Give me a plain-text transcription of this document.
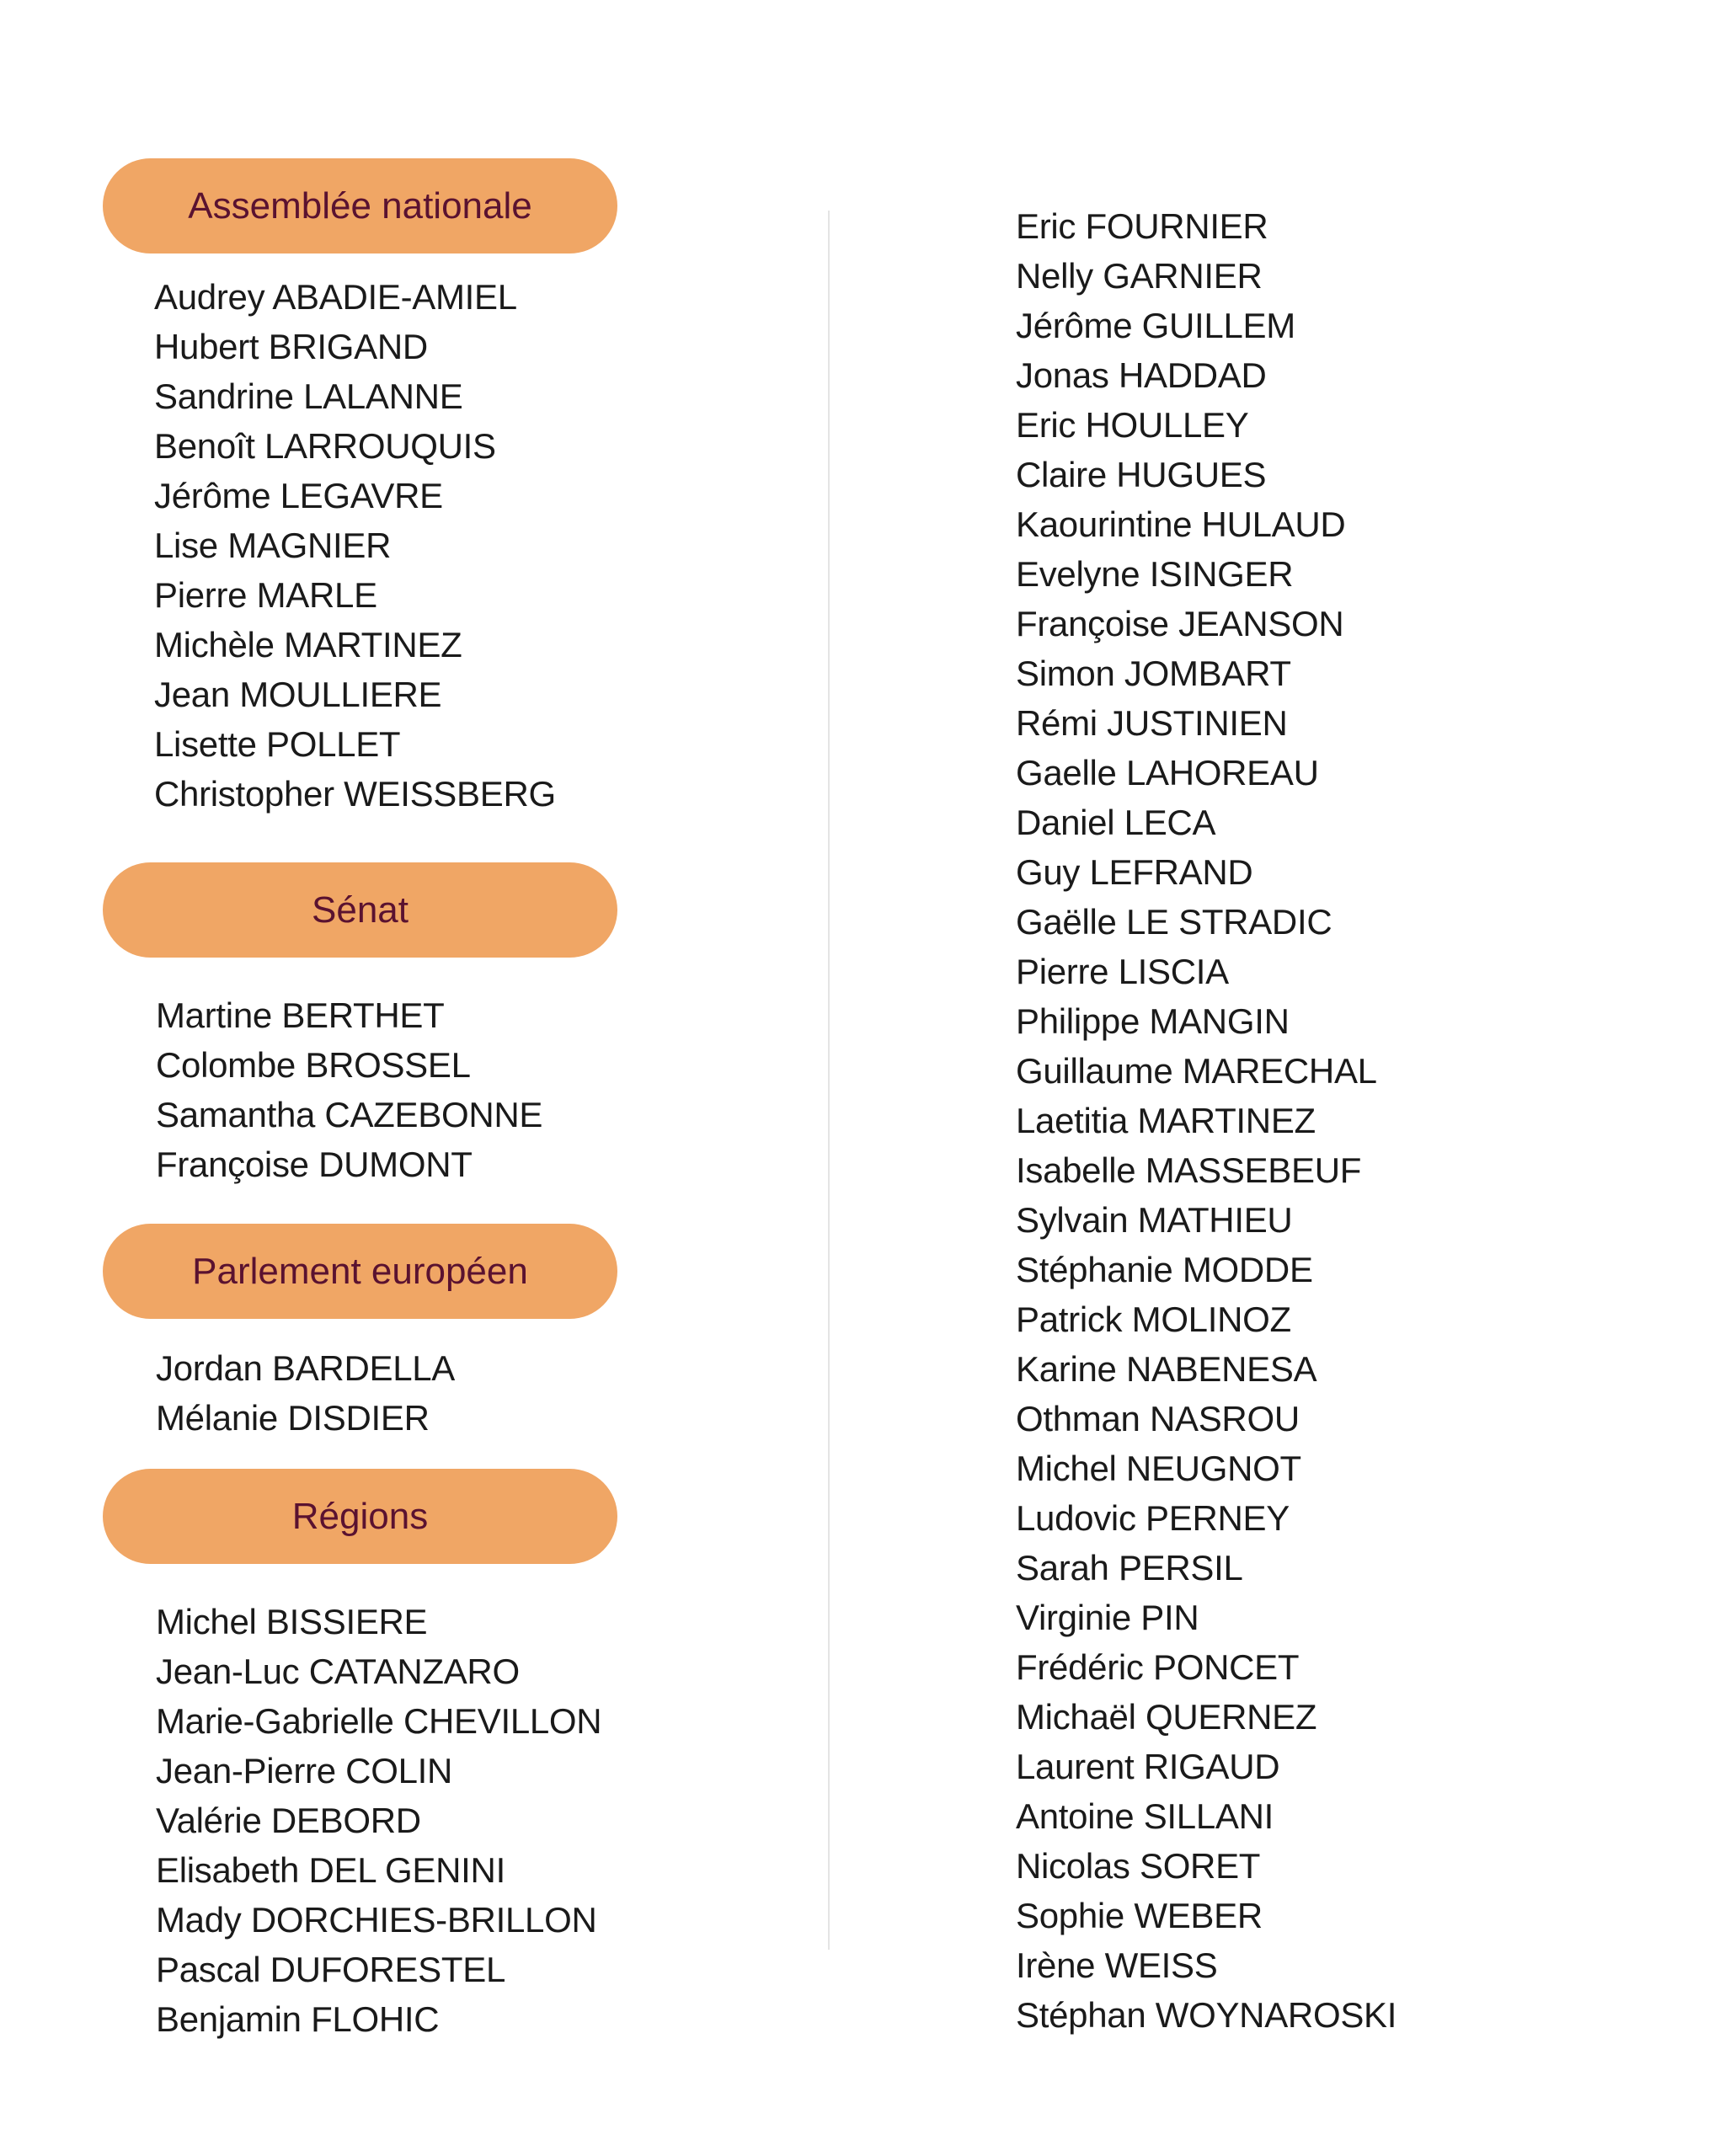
Assemblée nationale
Audrey ABADIE-AMIEL
Hubert BRIGAND
Sandrine LALANNE
Benoît LARROUQUIS
Jérôme LEGAVRE
Lise MAGNIER
Pierre MARLE
Michèle MARTINEZ
Jean MOULLIERE
Lisette POLLET
Christopher WEISSBERG
Sénat
Martine BERTHET
Colombe BROSSEL
Samantha CAZEBONNE
Françoise DUMONT
Parlement européen
Jordan BARDELLA
Mélanie DISDIER
Régions
Michel BISSIERE
Jean-Luc CATANZARO
Marie-Gabrielle CHEVILLON
Jean-Pierre COLIN
Valérie DEBORD
Elisabeth DEL GENINI
Mady DORCHIES-BRILLON
Pascal DUFORESTEL
Benjamin FLOHIC
Eric FOURNIER
Nelly GARNIER
Jérôme GUILLEM
Jonas HADDAD
Eric HOULLEY
Claire HUGUES
Kaourintine HULAUD
Evelyne ISINGER
Françoise JEANSON
Simon JOMBART
Rémi JUSTINIEN
Gaelle LAHOREAU
Daniel LECA
Guy LEFRAND
Gaëlle LE STRADIC
Pierre LISCIA
Philippe MANGIN
Guillaume MARECHAL
Laetitia MARTINEZ
Isabelle MASSEBEUF
Sylvain MATHIEU
Stéphanie MODDE
Patrick MOLINOZ
Karine NABENESA
Othman NASROU
Michel NEUGNOT
Ludovic PERNEY
Sarah PERSIL
Virginie PIN
Frédéric PONCET
Michaël QUERNEZ
Laurent RIGAUD
Antoine SILLANI
Nicolas SORET
Sophie WEBER
Irène WEISS
Stéphan WOYNAROSKI
